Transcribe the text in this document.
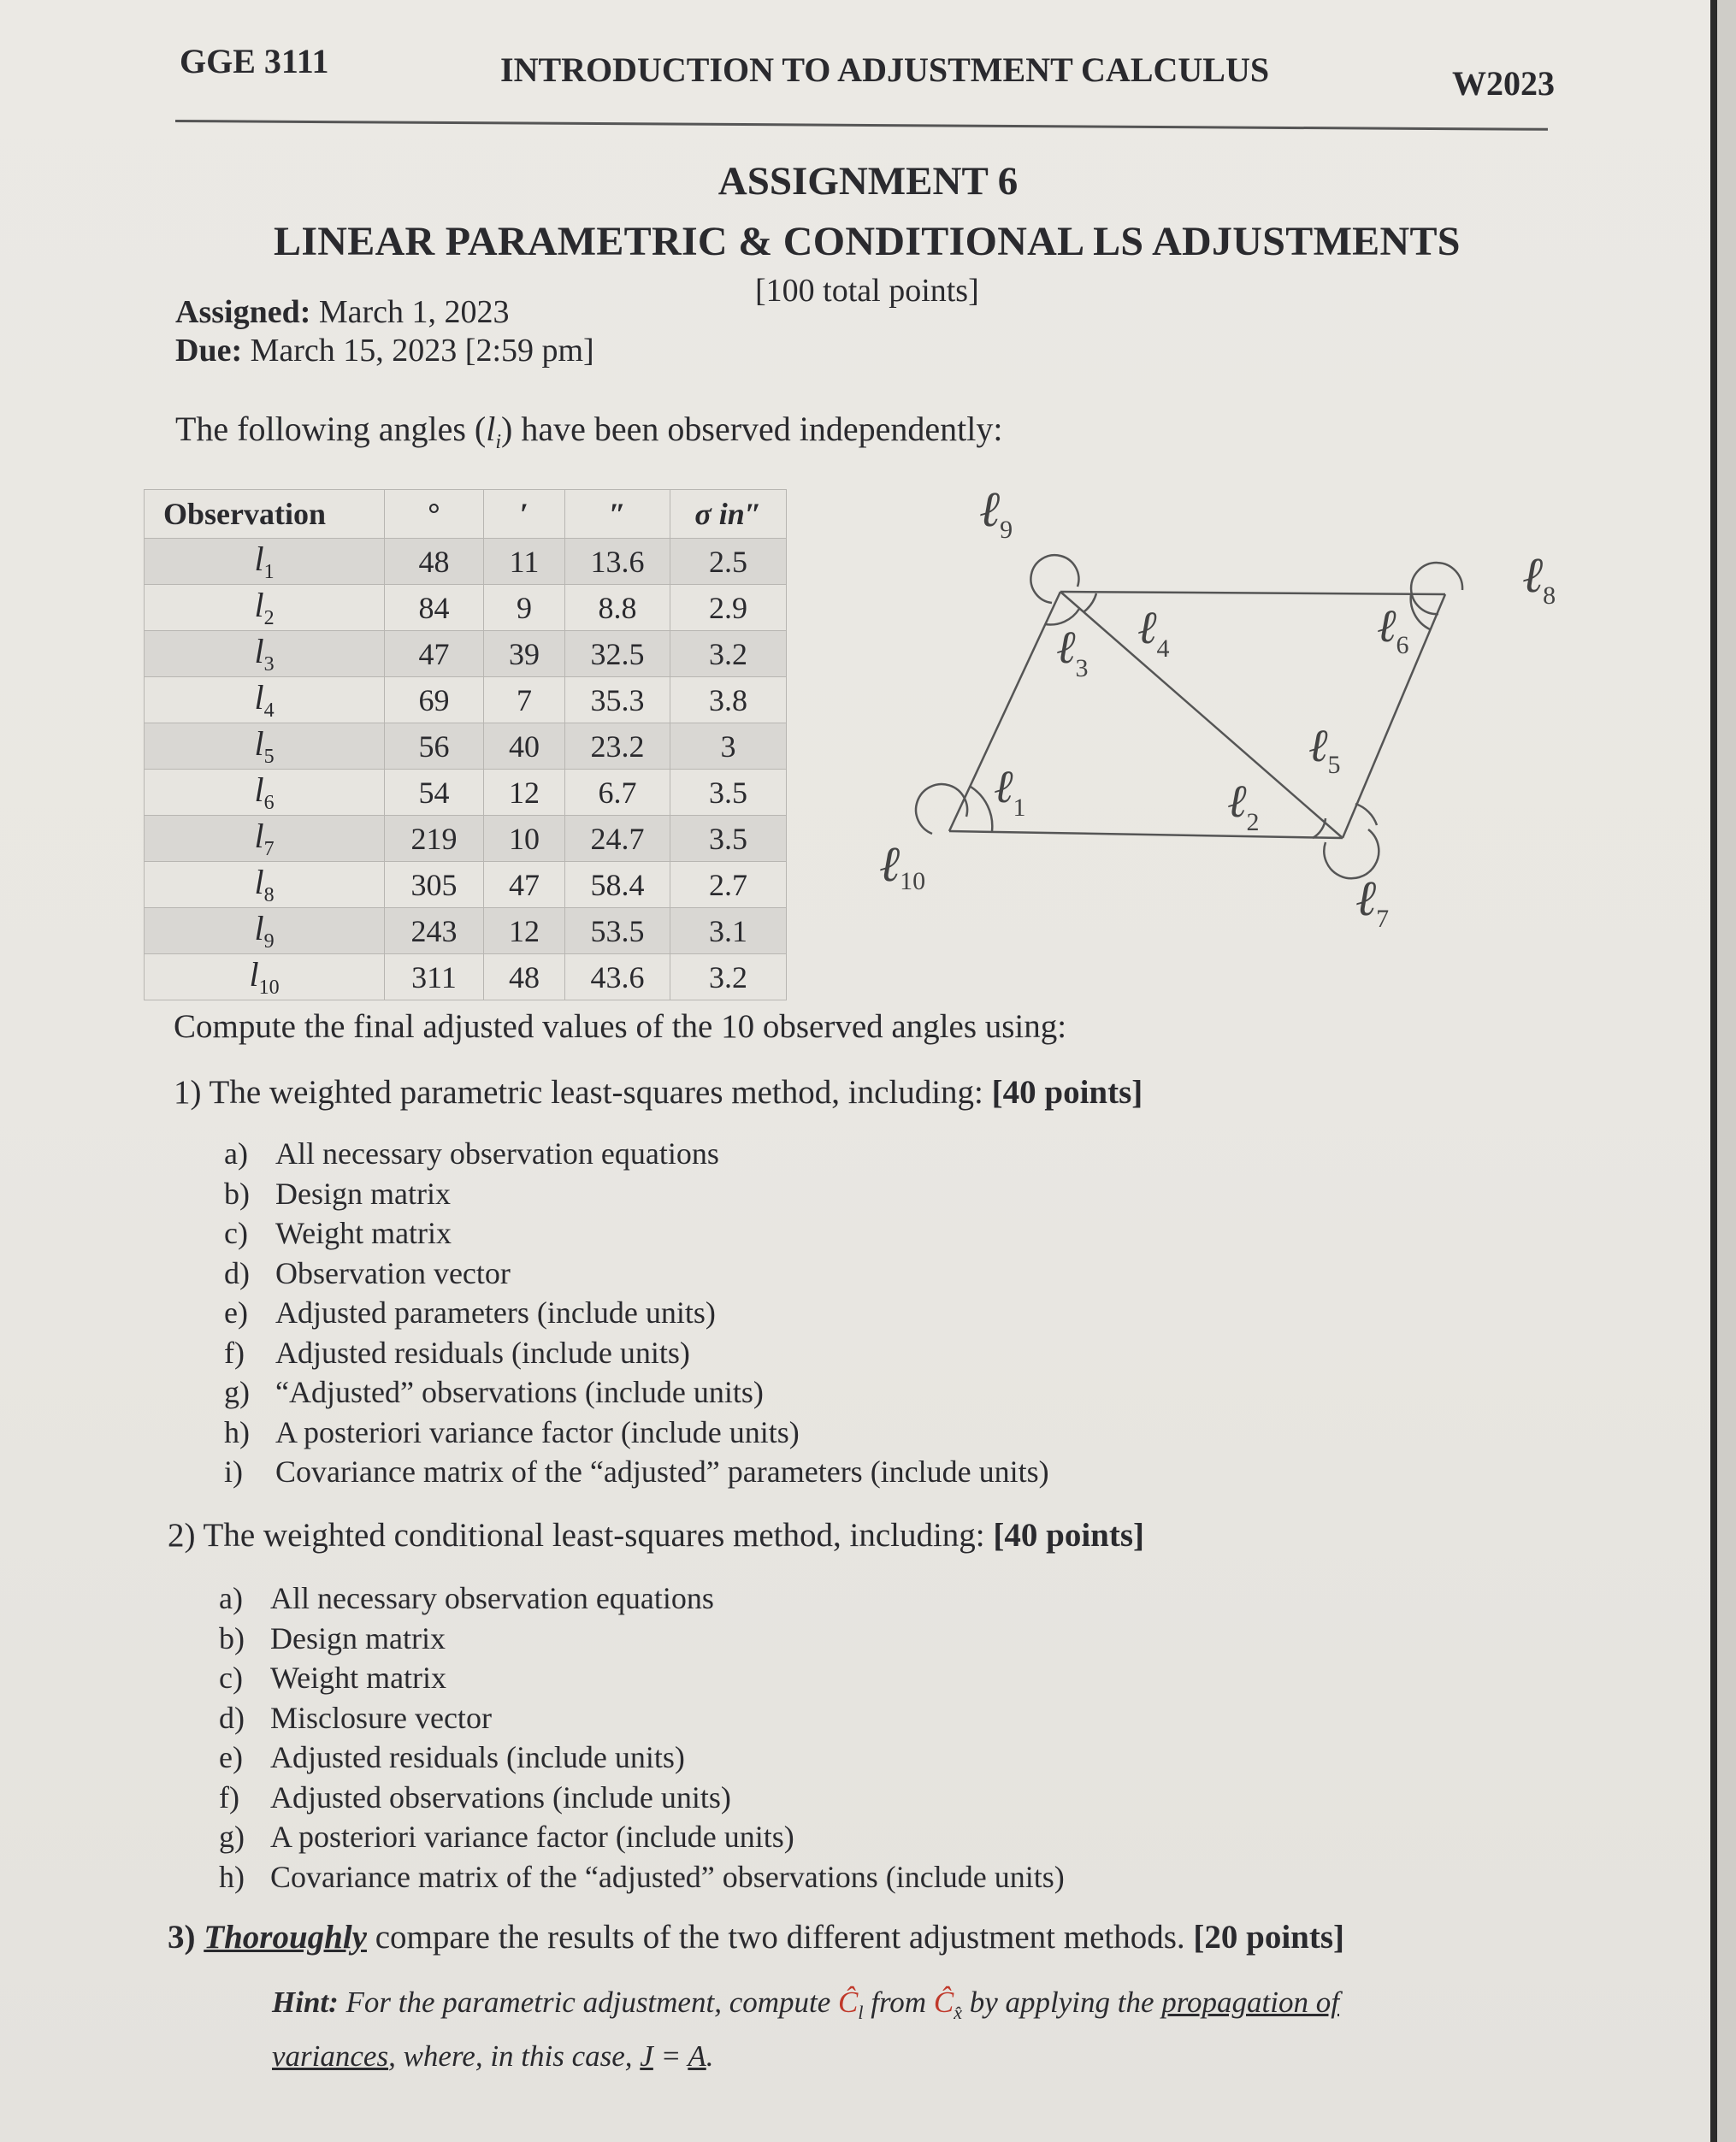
GGE 3111	INTRODUCTION TO ADJUSTMENT CALCULUS	W2023
ASSIGNMENT 6
LINEAR PARAMETRIC & CONDITIONAL LS ADJUSTMENTS
[100 total points]
Assigned: March 1, 2023
Due: March 15, 2023 [2:59 pm]
The following angles $(l_i)$ have been observed independently:
Observation	°	′	″	σ in″
$l_1$	48	11	13.6	2.5
$l_2$	84	9	8.8	2.9
$l_3$	47	39	32.5	3.2
$l_4$	69	7	35.3	3.8
$l_5$	56	40	23.2	3
$l_6$	54	12	6.7	3.5
$l_7$	219	10	24.7	3.5
$l_8$	305	47	58.4	2.7
$l_9$	243	12	53.5	3.1
$l_{10}$	311	48	43.6	3.2
ℓ$_9$
ℓ$_8$
ℓ$_3$
ℓ$_4$	ℓ$_6$
ℓ$_5$
ℓ$_2$
ℓ$_1$
ℓ10	ℓ$_7$
Compute the final adjusted values of the 10 observed angles using:
1) The weighted parametric least-squares method, including: [40 points]
a) All necessary observation equations
b) Design matrix
c) Weight matrix
d) Observation vector
e) Adjusted parameters (include units)
f) Adjusted residuals (include units)
g) “Adjusted” observations (include units)
h) A posteriori variance factor (include units)
i) Covariance matrix of the “adjusted” parameters (include units)
2) The weighted conditional least-squares method, including: [40 points]
a) All necessary observation equations
b) Design matrix
c) Weight matrix
d) Misclosure vector
e) Adjusted residuals (include units)
f) Adjusted observations (include units)
g) A posteriori variance factor (include units)
h) Covariance matrix of the “adjusted” observations (include units)
3) Thoroughly compare the results of the two different adjustment methods. [20 points]
Hint: For the parametric adjustment, compute $Ĉ_l$ from $Ĉ_{x̂}$ by applying the propagation of
variances, where, in this case, J = A.
